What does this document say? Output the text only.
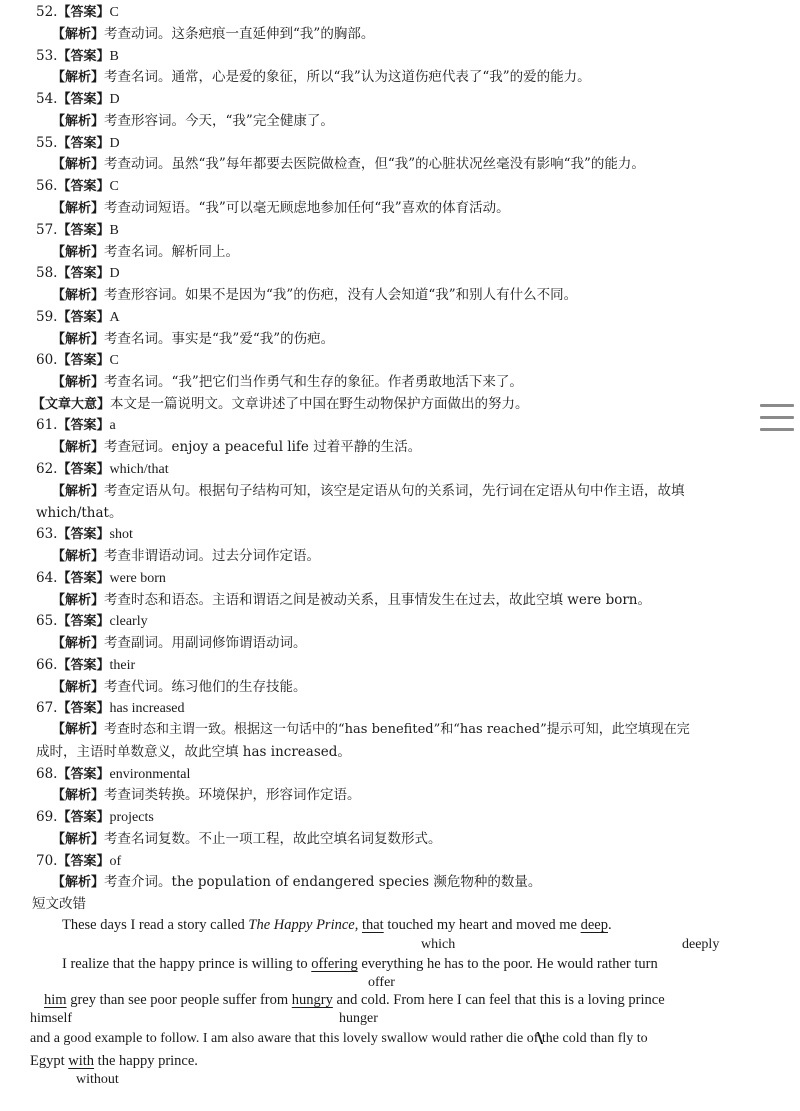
52.【答案】C
【解析】考查动词。这条疤痕一直延伸到“我”的胸部。
53.【答案】B
【解析】考查名词。通常，心是爱的象征，所以“我”认为这道伤疤代表了“我”的爱的能力。
54.【答案】D
【解析】考查形容词。今天，“我”完全健康了。
55.【答案】D
【解析】考查动词。虽然“我”每年都要去医院做检查，但“我”的心脏状况丝毫没有影响“我”的能力。
56.【答案】C
【解析】考查动词短语。“我”可以毫无顾虑地参加任何“我”喜欢的体育活动。
57.【答案】B
【解析】考查名词。解析同上。
58.【答案】D
【解析】考查形容词。如果不是因为“我”的伤疤，没有人会知道“我”和别人有什么不同。
59.【答案】A
【解析】考查名词。事实是“我”爱“我”的伤疤。
60.【答案】C
【解析】考查名词。“我”把它们当作勇气和生存的象征。作者勇敢地活下来了。
【文章大意】本文是一篇说明文。文章讲述了中国在野生动物保护方面做出的努力。
61.【答案】a
【解析】考查冠词。enjoy a peaceful life 过着平静的生活。
62.【答案】which/that
【解析】考查定语从句。根据句子结构可知，该空是定语从句的关系词，先行词在定语从句中作主语，故填
which/that。
63.【答案】shot
【解析】考查非谓语动词。过去分词作定语。
64.【答案】were born
【解析】考查时态和语态。主语和谓语之间是被动关系，且事情发生在过去，故此空填 were born。
65.【答案】clearly
【解析】考查副词。用副词修饰谓语动词。
66.【答案】their
【解析】考查代词。练习他们的生存技能。
67.【答案】has increased
【解析】考查时态和主谓一致。根据这一句话中的“has benefited”和“has reached”提示可知，此空填现在完
成时，主语时单数意义，故此空填 has increased。
68.【答案】environmental
【解析】考查词类转换。环境保护，形容词作定语。
69.【答案】projects
【解析】考查名词复数。不止一项工程，故此空填名词复数形式。
70.【答案】of
【解析】考查介词。the population of endangered species 濒危物种的数量。
短文改错
These days I read a story called The Happy Prince, that touched my heart and moved me deep.
which	deeply
I realize that the happy prince is willing to offering everything he has to the poor. He would rather turn
offer
him grey than see poor people suffer from hungry and cold. From here I can feel that this is a loving prince
himself	hunger
and a good example to follow. I am also aware that this lovely swallow would rather die of the cold than fly to
Egypt with the happy prince.
without
